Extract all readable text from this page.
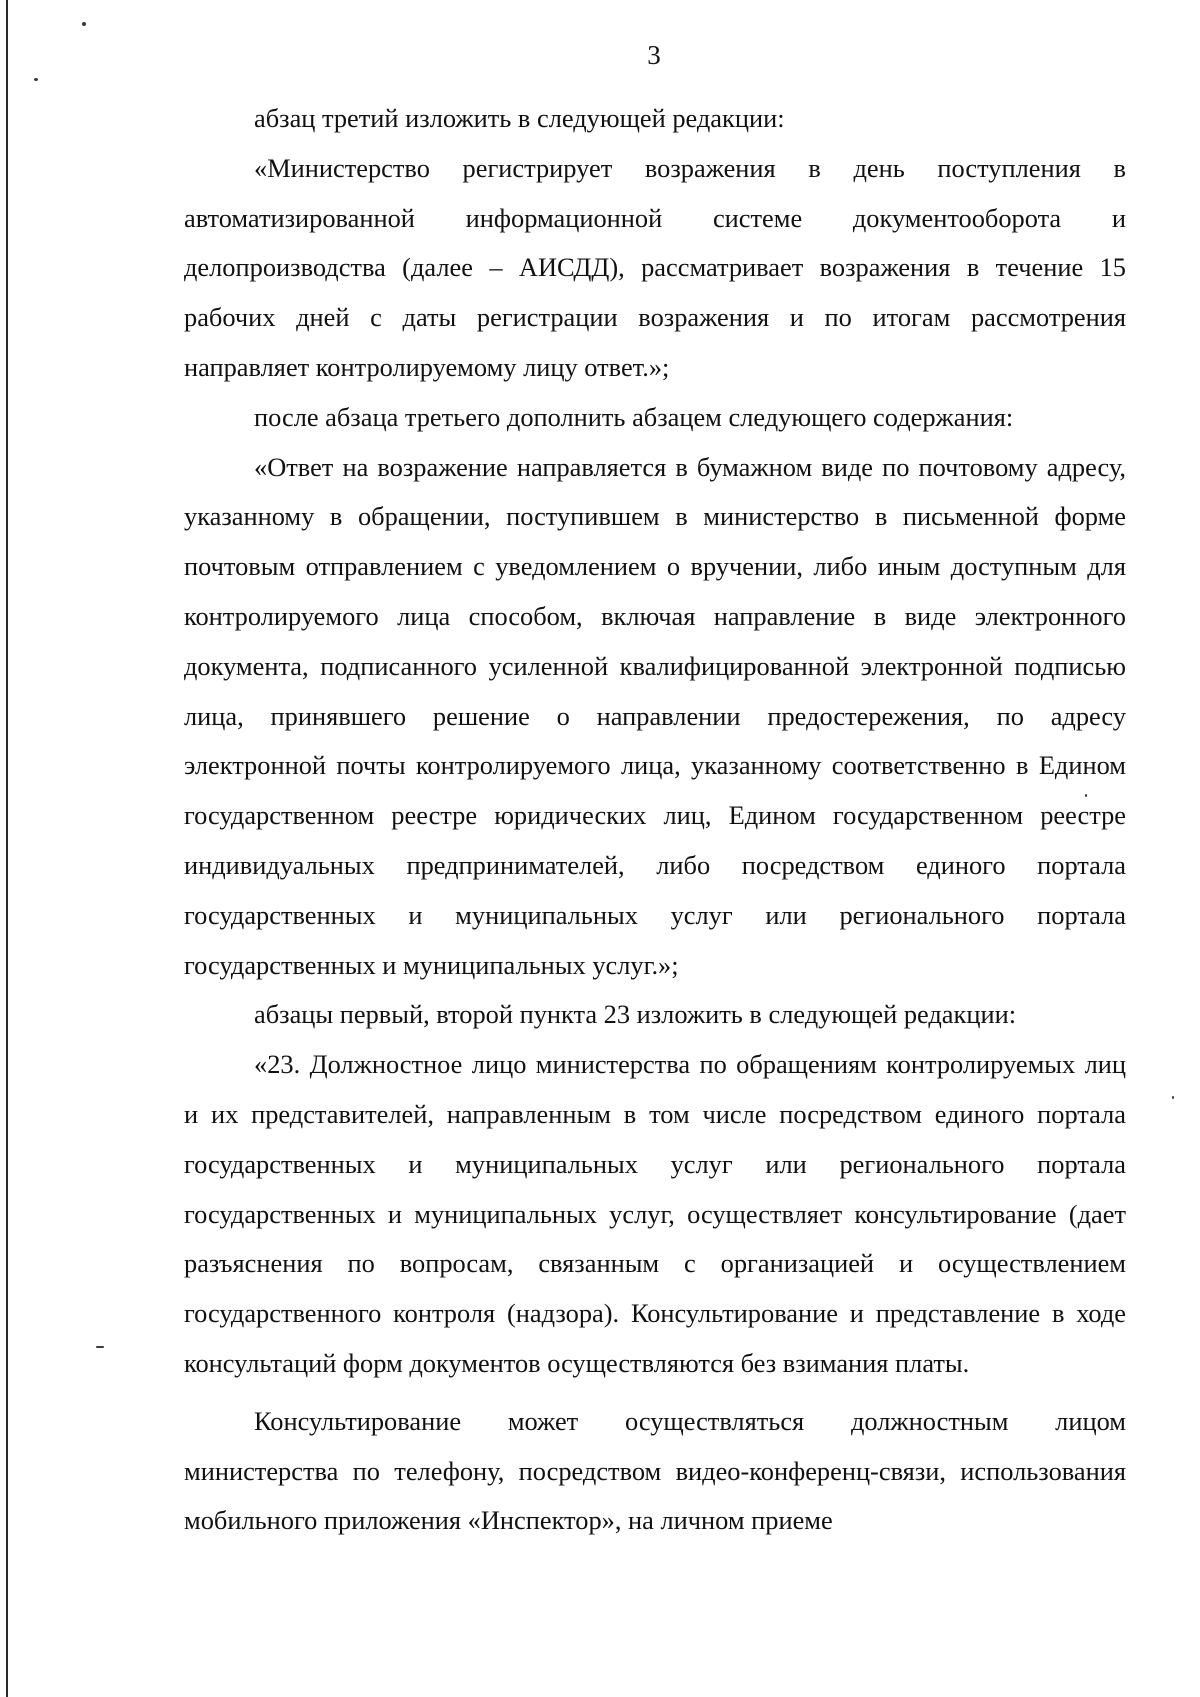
3

абзац третий изложить в следующей редакции:

«Министерство регистрирует возражения в день поступления в автоматизированной информационной системе документооборота и делопроизводства (далее – АИСДД), рассматривает возражения в течение 15 рабочих дней с даты регистрации возражения и по итогам рассмотрения направляет контролируемому лицу ответ.»;

после абзаца третьего дополнить абзацем следующего содержания:

«Ответ на возражение направляется в бумажном виде по почтовому адресу, указанному в обращении, поступившем в министерство в письменной форме почтовым отправлением с уведомлением о вручении, либо иным доступным для контролируемого лица способом, включая направление в виде электронного документа, подписанного усиленной квалифицированной электронной подписью лица, принявшего решение о направлении предостережения, по адресу электронной почты контролируемого лица, указанному соответственно в Едином государственном реестре юридических лиц, Едином государственном реестре индивидуальных предпринимателей, либо посредством единого портала государственных и муниципальных услуг или регионального портала государственных и муниципальных услуг.»;

абзацы первый, второй пункта 23 изложить в следующей редакции:

«23. Должностное лицо министерства по обращениям контролируемых лиц и их представителей, направленным в том числе посредством единого портала государственных и муниципальных услуг или регионального портала государственных и муниципальных услуг, осуществляет консультирование (дает разъяснения по вопросам, связанным с организацией и осуществлением государственного контроля (надзора). Консультирование и представление в ходе консультаций форм документов осуществляются без взимания платы.

Консультирование может осуществляться должностным лицом министерства по телефону, посредством видео-конференц-связи, использования мобильного приложения «Инспектор», на личном приеме
